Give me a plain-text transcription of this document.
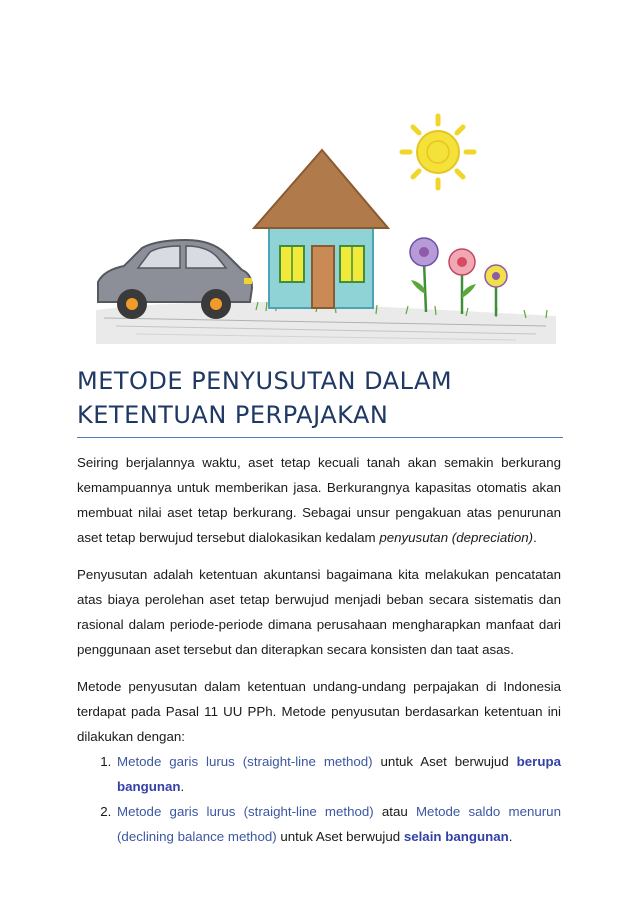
METODE PENYUSUTAN DALAM
KETENTUAN PERPAJAKAN

Seiring berjalannya waktu, aset tetap kecuali tanah akan semakin berkurang kemampuannya untuk memberikan jasa. Berkurangnya kapasitas otomatis akan membuat nilai aset tetap berkurang. Sebagai unsur pengakuan atas penurunan aset tetap berwujud tersebut dialokasikan kedalam penyusutan (depreciation).

Penyusutan adalah ketentuan akuntansi bagaimana kita melakukan pencatatan atas biaya perolehan aset tetap berwujud menjadi beban secara sistematis dan rasional dalam periode-periode dimana perusahaan mengharapkan manfaat dari penggunaan aset tersebut dan diterapkan secara konsisten dan taat asas.

Metode penyusutan dalam ketentuan undang-undang perpajakan di Indonesia terdapat pada Pasal 11 UU PPh. Metode penyusutan berdasarkan ketentuan ini dilakukan dengan:

1. Metode garis lurus (straight-line method) untuk Aset berwujud berupa bangunan.
2. Metode garis lurus (straight-line method) atau Metode saldo menurun (declining balance method) untuk Aset berwujud selain bangunan.
